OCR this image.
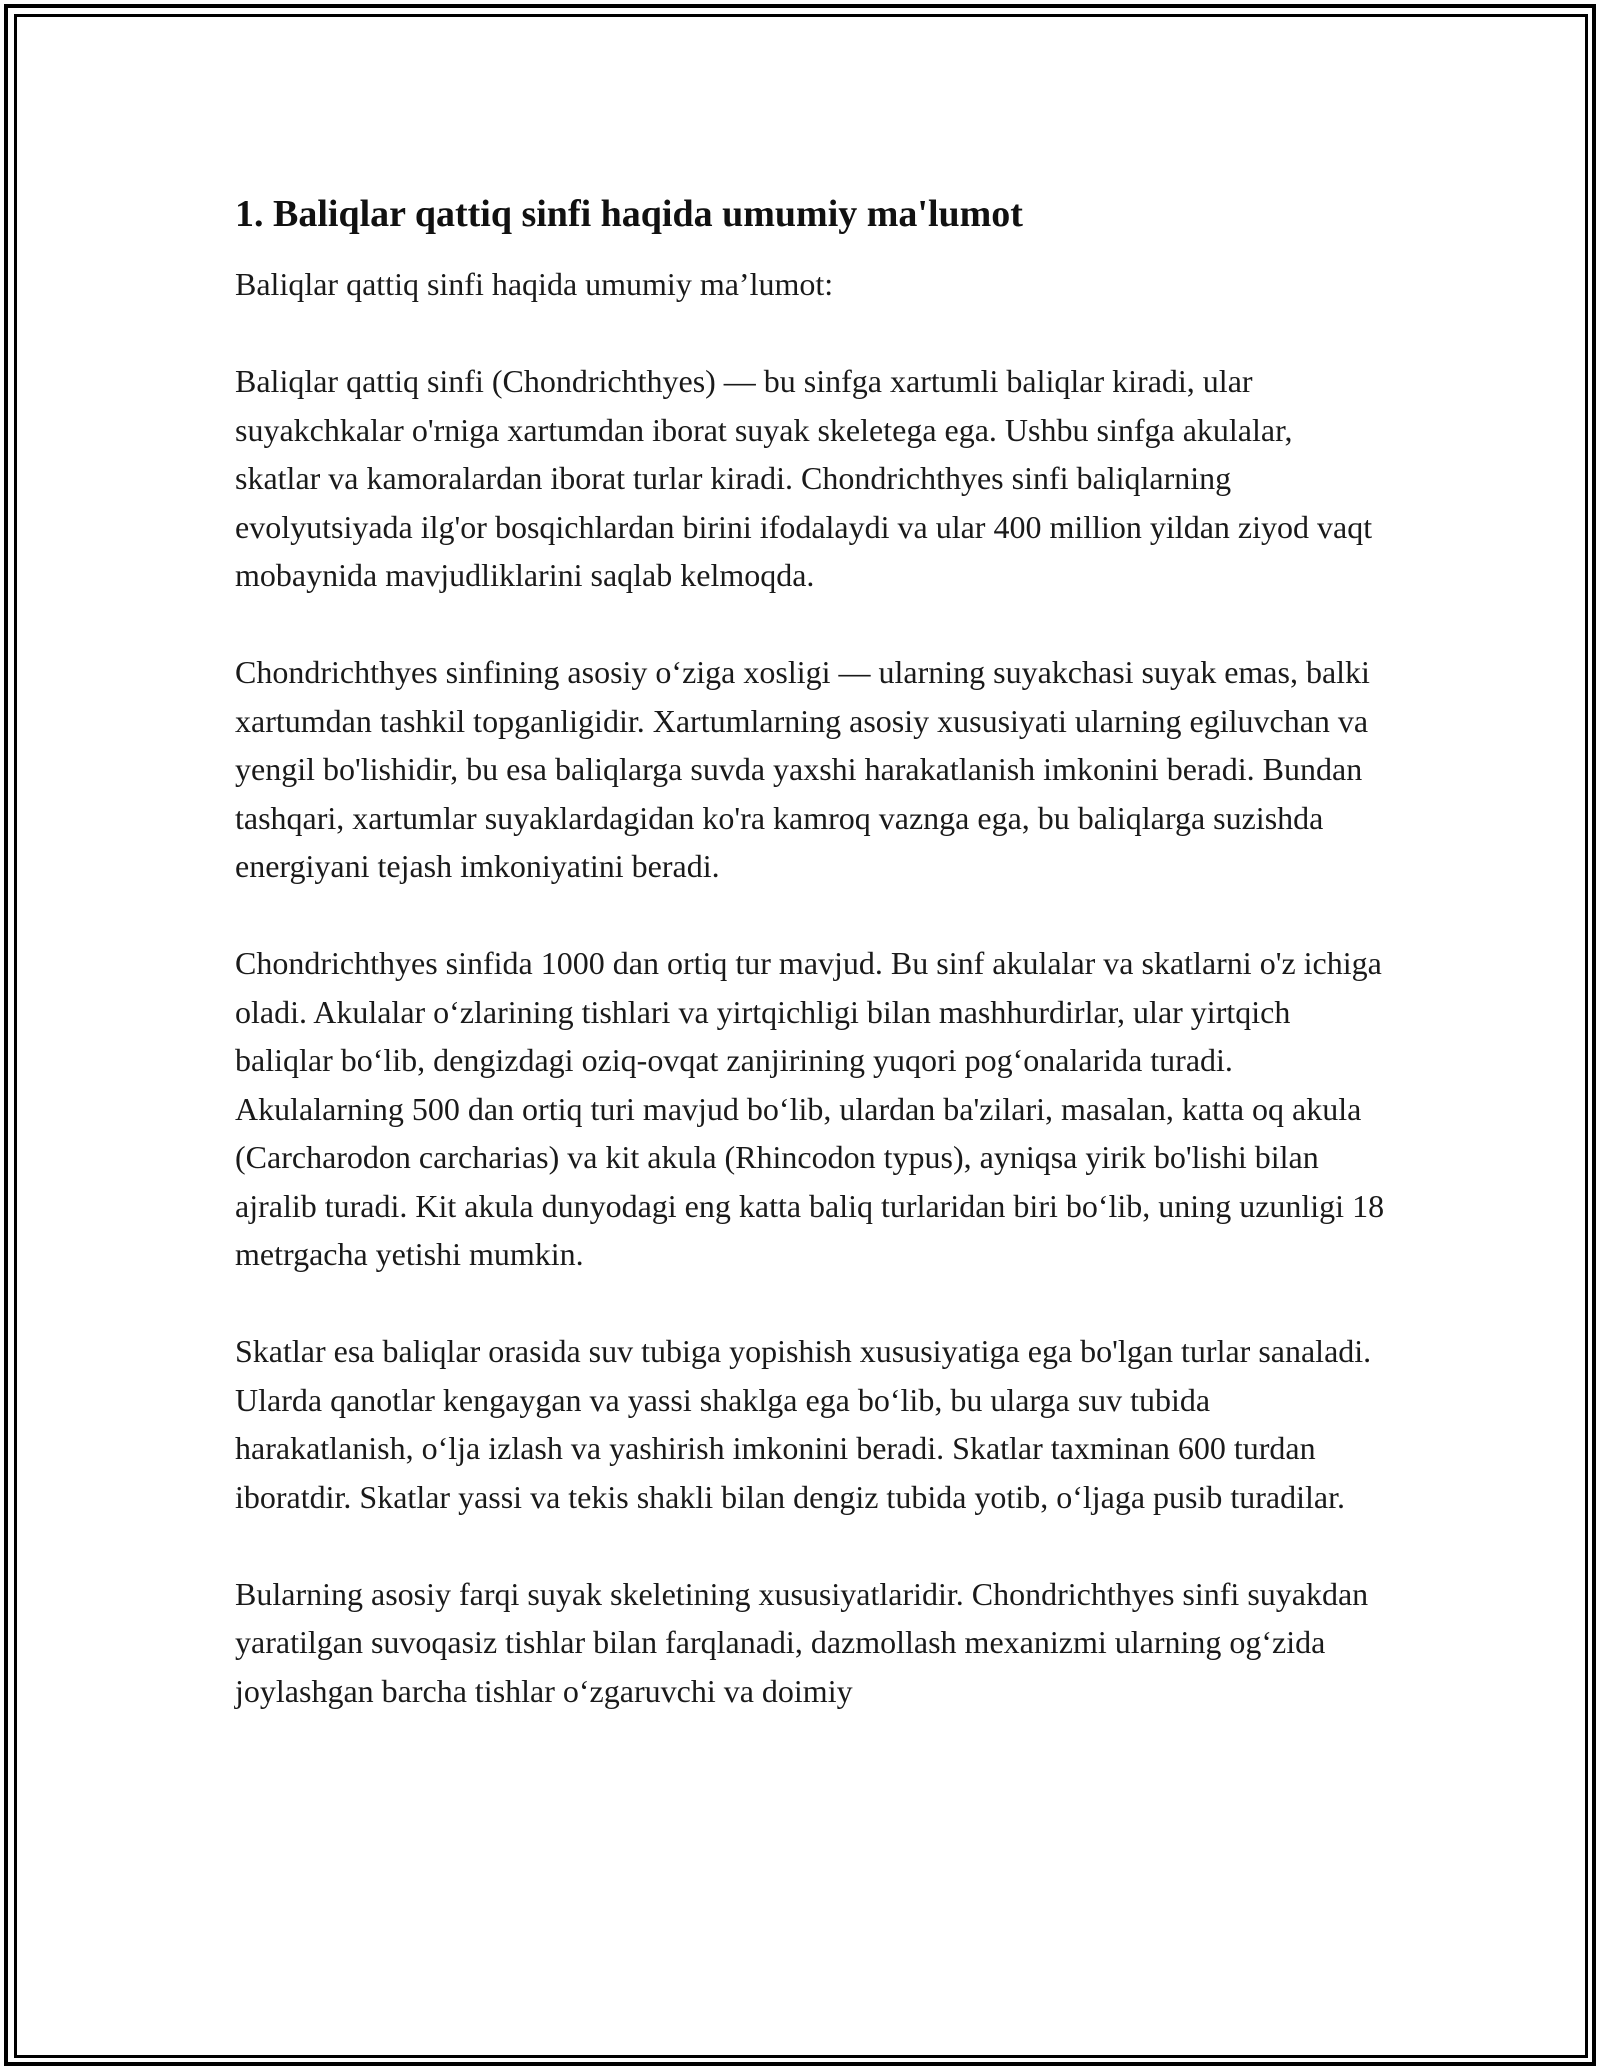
1. Baliqlar qattiq sinfi haqida umumiy ma'lumot

Baliqlar qattiq sinfi haqida umumiy ma’lumot:

Baliqlar qattiq sinfi (Chondrichthyes) — bu sinfga xartumli baliqlar kiradi, ular suyakchkalar o'rniga xartumdan iborat suyak skeletega ega. Ushbu sinfga akulalar, skatlar va kamoralardan iborat turlar kiradi. Chondrichthyes sinfi baliqlarning evolyutsiyada ilg'or bosqichlardan birini ifodalaydi va ular 400 million yildan ziyod vaqt mobaynida mavjudliklarini saqlab kelmoqda.

Chondrichthyes sinfining asosiy o‘ziga xosligi — ularning suyakchasi suyak emas, balki xartumdan tashkil topganligidir. Xartumlarning asosiy xususiyati ularning egiluvchan va yengil bo'lishidir, bu esa baliqlarga suvda yaxshi harakatlanish imkonini beradi. Bundan tashqari, xartumlar suyaklardagidan ko'ra kamroq vaznga ega, bu baliqlarga suzishda energiyani tejash imkoniyatini beradi.

Chondrichthyes sinfida 1000 dan ortiq tur mavjud. Bu sinf akulalar va skatlarni o'z ichiga oladi. Akulalar o‘zlarining tishlari va yirtqichligi bilan mashhurdirlar, ular yirtqich baliqlar bo‘lib, dengizdagi oziq-ovqat zanjirining yuqori pog‘onalarida turadi. Akulalarning 500 dan ortiq turi mavjud bo‘lib, ulardan ba'zilari, masalan, katta oq akula (Carcharodon carcharias) va kit akula (Rhincodon typus), ayniqsa yirik bo'lishi bilan ajralib turadi. Kit akula dunyodagi eng katta baliq turlaridan biri bo‘lib, uning uzunligi 18 metrgacha yetishi mumkin.

Skatlar esa baliqlar orasida suv tubiga yopishish xususiyatiga ega bo'lgan turlar sanaladi. Ularda qanotlar kengaygan va yassi shaklga ega bo‘lib, bu ularga suv tubida harakatlanish, o‘lja izlash va yashirish imkonini beradi. Skatlar taxminan 600 turdan iboratdir. Skatlar yassi va tekis shakli bilan dengiz tubida yotib, o‘ljaga pusib turadilar.

Bularning asosiy farqi suyak skeletining xususiyatlaridir. Chondrichthyes sinfi suyakdan yaratilgan suvoqasiz tishlar bilan farqlanadi, dazmollash mexanizmi ularning og‘zida joylashgan barcha tishlar o‘zgaruvchi va doimiy
